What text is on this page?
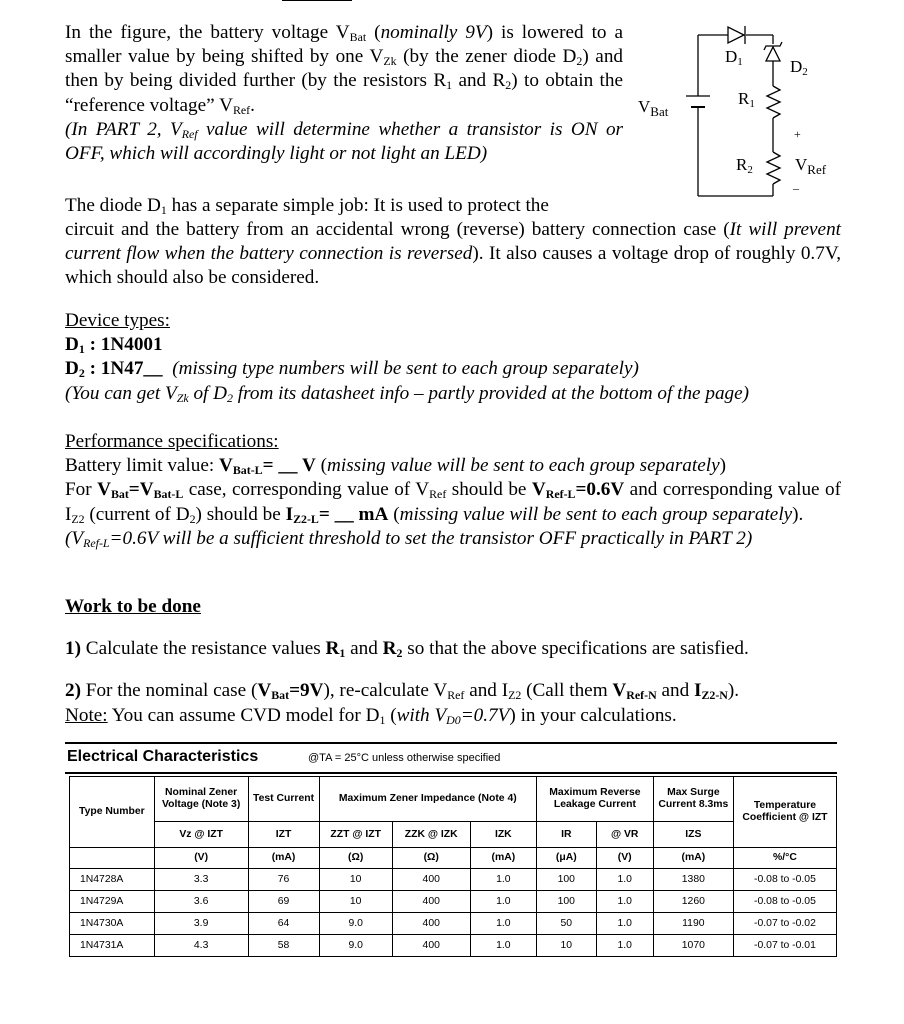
In the figure, the battery voltage $V_{Bat}$ (nominally 9V) is lowered to a smaller value by being shifted by one $V_{Zk}$ (by the zener diode $D_2$) and then by being divided further (by the resistors $R_1$ and $R_2$) to obtain the “reference voltage” $V_{Ref}$.
(In PART 2, $V_{Ref}$ value will determine whether a transistor is ON or OFF, which will accordingly light or not light an LED)
D1	D2
R1
R2
$V_{Bat}$
$V_{Ref}$
+
–
The diode $D_1$ has a separate simple job: It is used to protect the
circuit and the battery from an accidental wrong (reverse) battery connection case (It will prevent current flow when the battery connection is reversed). It also causes a voltage drop of roughly 0.7V, which should also be considered.
Device types:
$D_1$ : 1N4001
$D_2$ : 1N47__ (missing type numbers will be sent to each group separately)
(You can get $V_{Zk}$ of $D_2$ from its datasheet info – partly provided at the bottom of the page)
Performance specifications:
Battery limit value: $V_{Bat-L}=$ __ V (missing value will be sent to each group separately)

For $V_{Bat}=V_{Bat-L}$ case, corresponding value of $V_{Ref}$ should be $V_{Ref-L}=0.6V$ and corresponding value of $I_{Z2}$ (current of $D_2$) should be $I_{Z2-L}=$ __ mA (missing value will be sent to each group separately).
($V_{Ref-L}=0.6V$ will be a sufficient threshold to set the transistor OFF practically in PART 2)
Work to be done
1) Calculate the resistance values $R_1$ and $R_2$ so that the above specifications are satisfied.
2) For the nominal case $(V_{Bat}=9V)$, re-calculate $V_{Ref}$ and $I_{Z2}$ (Call them $V_{Ref-N}$ and $I_{Z2-N}$).
Note: You can assume CVD model for $D_1$ (with $V_{D0}=0.7V$) in your calculations.
Electrical Characteristics	@TA = 25°C unless otherwise specified
Type Number	Nominal Zener Voltage (Note 3)	Test Current	Maximum Zener Impedance (Note 4)			Maximum Reverse Leakage Current		Max Surge Current 8.3ms	Temperature Coefficient @ IZT
	Vz @ IZT	IZT	ZZT @ IZT	ZZK @ IZK	IZK	IR	@ VR	IZS	
	(V)	(mA)	(Ω)	(Ω)	(mA)	(μA)	(V)	(mA)	%/°C
1N4728A	3.3	76	10	400	1.0	100	1.0	1380	-0.08 to -0.05
1N4729A	3.6	69	10	400	1.0	100	1.0	1260	-0.08 to -0.05
1N4730A	3.9	64	9.0	400	1.0	50	1.0	1190	-0.07 to -0.02
1N4731A	4.3	58	9.0	400	1.0	10	1.0	1070	-0.07 to -0.01
